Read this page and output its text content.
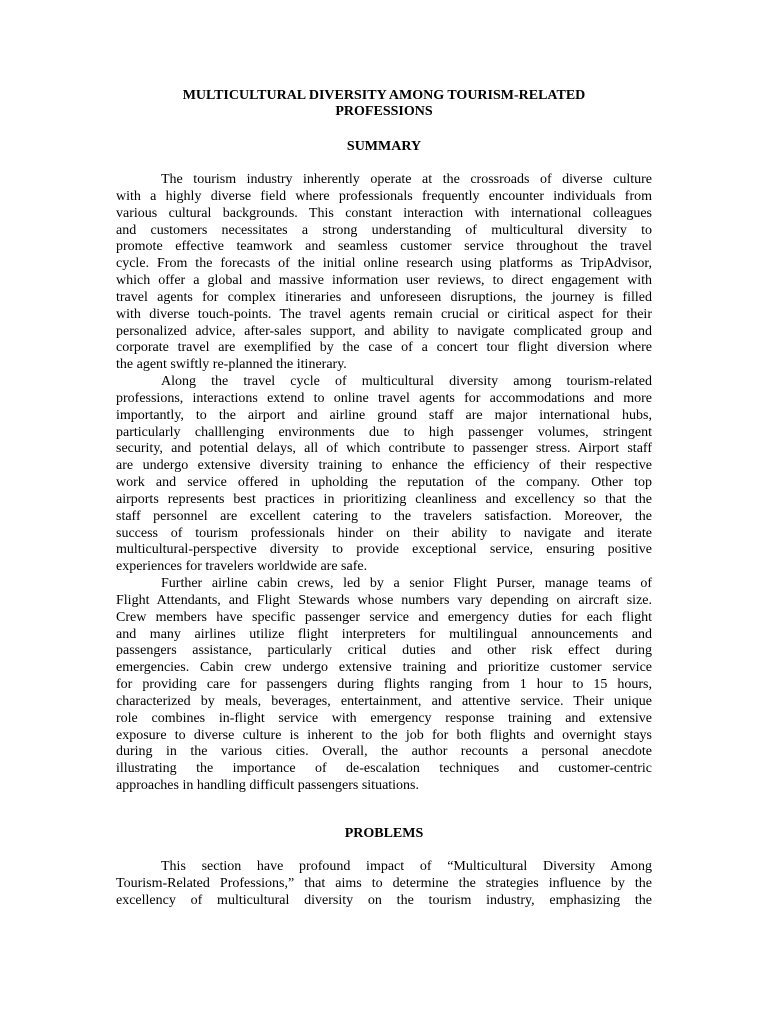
MULTICULTURAL DIVERSITY AMONG TOURISM-RELATED
PROFESSIONS
SUMMARY
The tourism industry inherently operate at the crossroads of diverse culture
with a highly diverse field where professionals frequently encounter individuals from
various cultural backgrounds. This constant interaction with international colleagues
and customers necessitates a strong understanding of multicultural diversity to
promote effective teamwork and seamless customer service throughout the travel
cycle. From the forecasts of the initial online research using platforms as TripAdvisor,
which offer a global and massive information user reviews, to direct engagement with
travel agents for complex itineraries and unforeseen disruptions, the journey is filled
with diverse touch-points. The travel agents remain crucial or ciritical aspect for their
personalized advice, after-sales support, and ability to navigate complicated group and
corporate travel are exemplified by the case of a concert tour flight diversion where
the agent swiftly re-planned the itinerary.
Along the travel cycle of multicultural diversity among tourism-related
professions, interactions extend to online travel agents for accommodations and more
importantly, to the airport and airline ground staff are major international hubs,
particularly challlenging environments due to high passenger volumes, stringent
security, and potential delays, all of which contribute to passenger stress. Airport staff
are undergo extensive diversity training to enhance the efficiency of their respective
work and service offered in upholding the reputation of the company. Other top
airports represents best practices in prioritizing cleanliness and excellency so that the
staff personnel are excellent catering to the travelers satisfaction. Moreover, the
success of tourism professionals hinder on their ability to navigate and iterate
multicultural-perspective diversity to provide exceptional service, ensuring positive
experiences for travelers worldwide are safe.
Further airline cabin crews, led by a senior Flight Purser, manage teams of
Flight Attendants, and Flight Stewards whose numbers vary depending on aircraft size.
Crew members have specific passenger service and emergency duties for each flight
and many airlines utilize flight interpreters for multilingual announcements and
passengers assistance, particularly critical duties and other risk effect during
emergencies. Cabin crew undergo extensive training and prioritize customer service
for providing care for passengers during flights ranging from 1 hour to 15 hours,
characterized by meals, beverages, entertainment, and attentive service. Their unique
role combines in-flight service with emergency response training and extensive
exposure to diverse culture is inherent to the job for both flights and overnight stays
during in the various cities. Overall, the author recounts a personal anecdote
illustrating the importance of de-escalation techniques and customer-centric
approaches in handling difficult passengers situations.
PROBLEMS
This section have profound impact of “Multicultural Diversity Among
Tourism-Related Professions,” that aims to determine the strategies influence by the
excellency of multicultural diversity on the tourism industry, emphasizing the
